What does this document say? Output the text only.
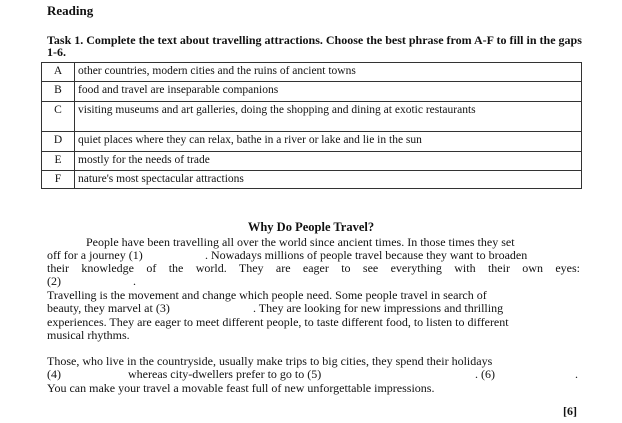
Reading
Task 1. Complete the text about travelling attractions. Choose the best phrase from A-F to fill in the gaps 1-6.
A	other countries, modern cities and the ruins of ancient towns
B	food and travel are inseparable companions
C	visiting museums and art galleries, doing the shopping and dining at exotic restaurants
D	quiet places where they can relax, bathe in a river or lake and lie in the sun
E	mostly for the needs of trade
F	nature's most spectacular attractions
Why Do People Travel?
People have been travelling all over the world since ancient times. In those times they set
off for a journey (1)	. Nowadays millions of people travel because they want to broaden
their knowledge of the world. They are eager to see everything with their own eyes:
(2)	.
Travelling is the movement and change which people need. Some people travel in search of
beauty, they marvel at (3)	. They are looking for new impressions and thrilling
experiences. They are eager to meet different people, to taste different food, to listen to different
musical rhythms.
Those, who live in the countryside, usually make trips to big cities, they spend their holidays
(4)	whereas city-dwellers prefer to go to (5)	. (6)	.
You can make your travel a movable feast full of new unforgettable impressions.
[6]
